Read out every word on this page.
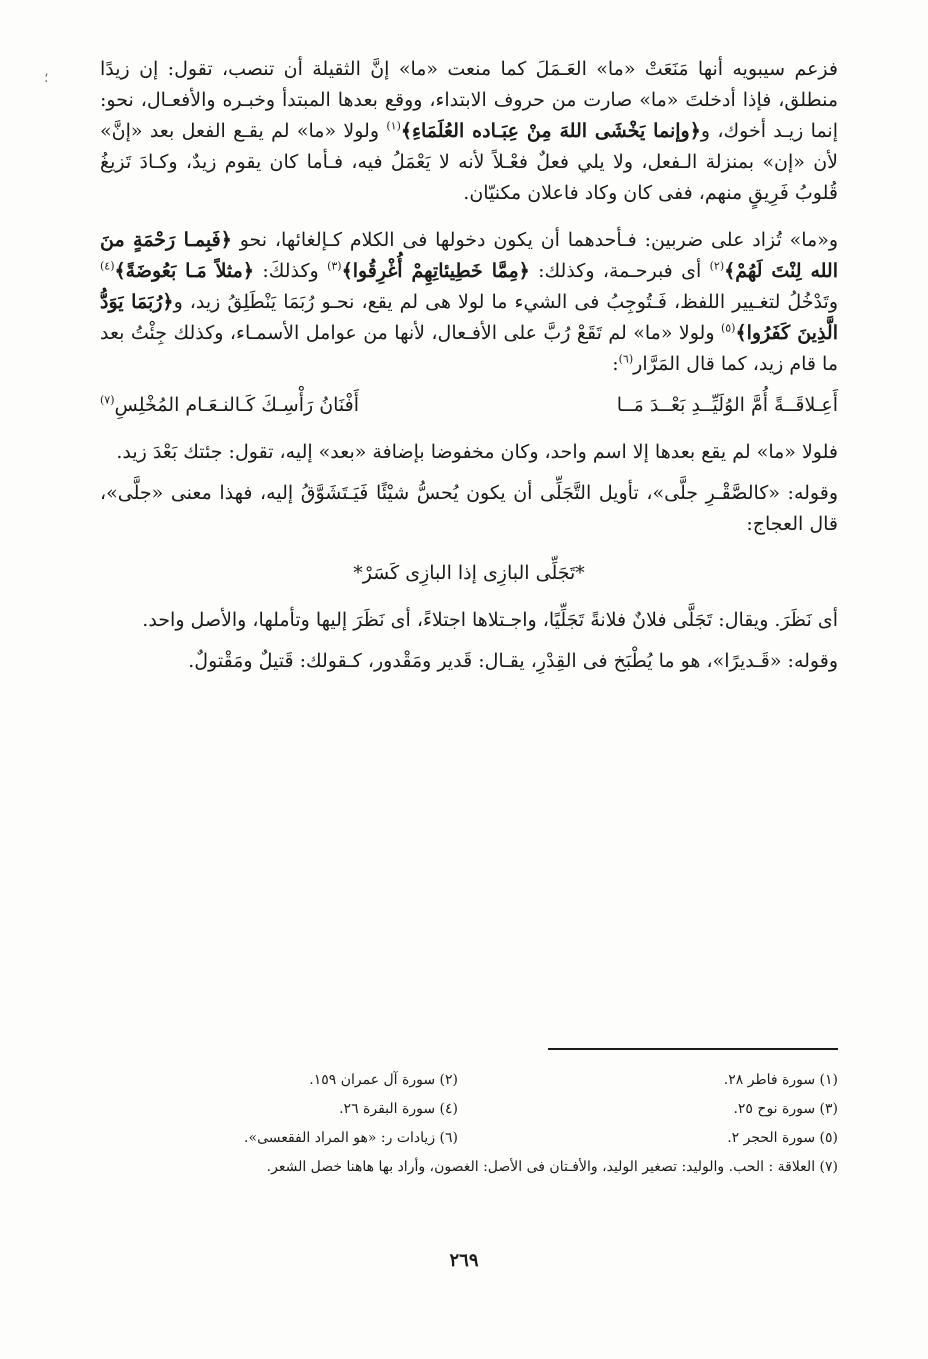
؛	فزعم سيبويه أنها مَنَعَتْ «ما» العَـمَلَ كما منعت «ما» إنَّ الثقيلة أن تنصب، تقول: إن زيدًا منطلق، فإذا أدخلتَ «ما» صارت من حروف الابتداء، ووقع بعدها المبتدأ وخبـره والأفعـال، نحو: إنما زيـد أخوك، و﴿وإنما يَخْشَى اللهَ مِنْ عِبَـاده العُلَمَاءِ﴾$^{(١)}$ ولولا «ما» لم يقـع الفعل بعد «إنَّ» لأن «إن» بمنزلة الـفعل، ولا يلي فعلٌ فعْـلاً لأنه لا يَعْمَلُ فيه، فـأما كان يقوم زيدٌ، وكـادَ تَزيغُ قُلوبُ فَرِيقٍ منهم، ففى كان وكاد فاعلان مكنيّان.

و«ما» تُزاد على ضربين: فـأحدهما أن يكون دخولها فى الكلام كـإلغائها، نحو ﴿فَبِمـا رَحْمَةٍ منَ الله لِنْتَ لَهُمْ﴾$^{(٢)}$ أى فبرحـمة، وكذلك: ﴿مِمَّا خَطِيئاتِهِمْ أُغْرِقُوا﴾$^{(٣)}$ وكذلكَ: ﴿مثلاً مَـا بَعُوضَةً﴾$^{(٤)}$ وتَدْخُلُ لتغـيير اللفظ، فَـتُوجِبُ فى الشيء ما لولا هى لم يقع، نحـو رُبَمَا يَنْطَلِقُ زيد، و﴿رُبَمَا يَوَدُّ الَّذِينَ كَفَرُوا﴾$^{(٥)}$ ولولا «ما» لم تَقَعْ رُبَّ على الأفـعال، لأنها من عوامل الأسمـاء، وكذلك جِئْتُ بعد ما قام زيد، كما قال المَرَّار$^{(٦)}$:

أَعِـلاقَــةً أُمَّ الوُلَيِّــدِ بَعْــدَ مَــا
أَفْنَانُ رَأْسِـكَ كَـالنـعَـام المُخْلِسِ$^{(٧)}$

فلولا «ما» لم يقع بعدها إلا اسم واحد، وكان مخفوضا بإضافة «بعد» إليه، تقول: جئتك بَعْدَ زيد.

وقوله: «كالصَّقْـرِ جلَّى»، تأويل التَّجَلِّى أن يكون يُحسُّ شيْئًا فَيَـتَشَوَّقُ إليه، فهذا معنى «جلَّى»، قال العجاج:

*تَجَلِّى البازِى إذا البازِى كَسَرْ*

أى نَظَرَ. ويقال: تَجَلَّى فلانٌ فلانةً تَجَلِّيًا، واجـتلاها اجتلاءً، أى نَظَرَ إليها وتأملها، والأصل واحد.

وقوله: «قَـديرًا»، هو ما يُطْبَخ فى القِدْرِ، يقـال: قَدير ومَقْدور، كـقولك: قَتيلٌ ومَقْتولٌ.

(١) سورة فاطر ٢٨.
(٢) سورة آل عمران ١٥٩.
(٣) سورة نوح ٢٥.
(٤) سورة البقرة ٢٦.
(٥) سورة الحجر ٢.
(٦) زيادات ر: «هو المراد الفقعسى».
(٧) العلاقة : الحب. والوليد: تصغير الوليد، والأفـتان فى الأصل: الغصون، وأراد بها هاهنا خصل الشعر.
٢٦٩
